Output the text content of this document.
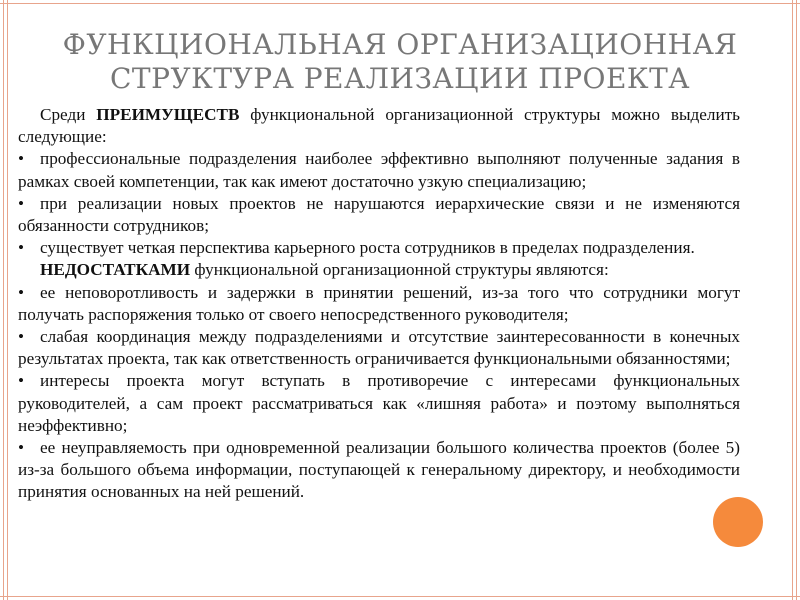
ФУНКЦИОНАЛЬНАЯ ОРГАНИЗАЦИОННАЯ
СТРУКТУРА РЕАЛИЗАЦИИ ПРОЕКТА

Среди ПРЕИМУЩЕСТВ функциональной организационной структуры можно выделить следующие:

• профессиональные подразделения наиболее эффективно выполняют полученные задания в рамках своей компетенции, так как имеют достаточно узкую специализацию;

• при реализации новых проектов не нарушаются иерархические связи и не изменяются обязанности сотрудников;

• существует четкая перспектива карьерного роста сотрудников в пределах подразделения.

НЕДОСТАТКАМИ функциональной организационной структуры являются:

• ее неповоротливость и задержки в принятии решений, из-за того что сотрудники могут получать распоряжения только от своего непосредственного руководителя;

• слабая координация между подразделениями и отсутствие заинтересованности в конечных результатах проекта, так как ответственность ограничивается функциональными обязанностями;

• интересы проекта могут вступать в противоречие с интересами функциональных руководителей, а сам проект рассматриваться как «лишняя работа» и поэтому выполняться неэффективно;

• ее неуправляемость при одновременной реализации большого количества проектов (более 5) из-за большого объема информации, поступающей к генеральному директору, и необходимости принятия основанных на ней решений.
